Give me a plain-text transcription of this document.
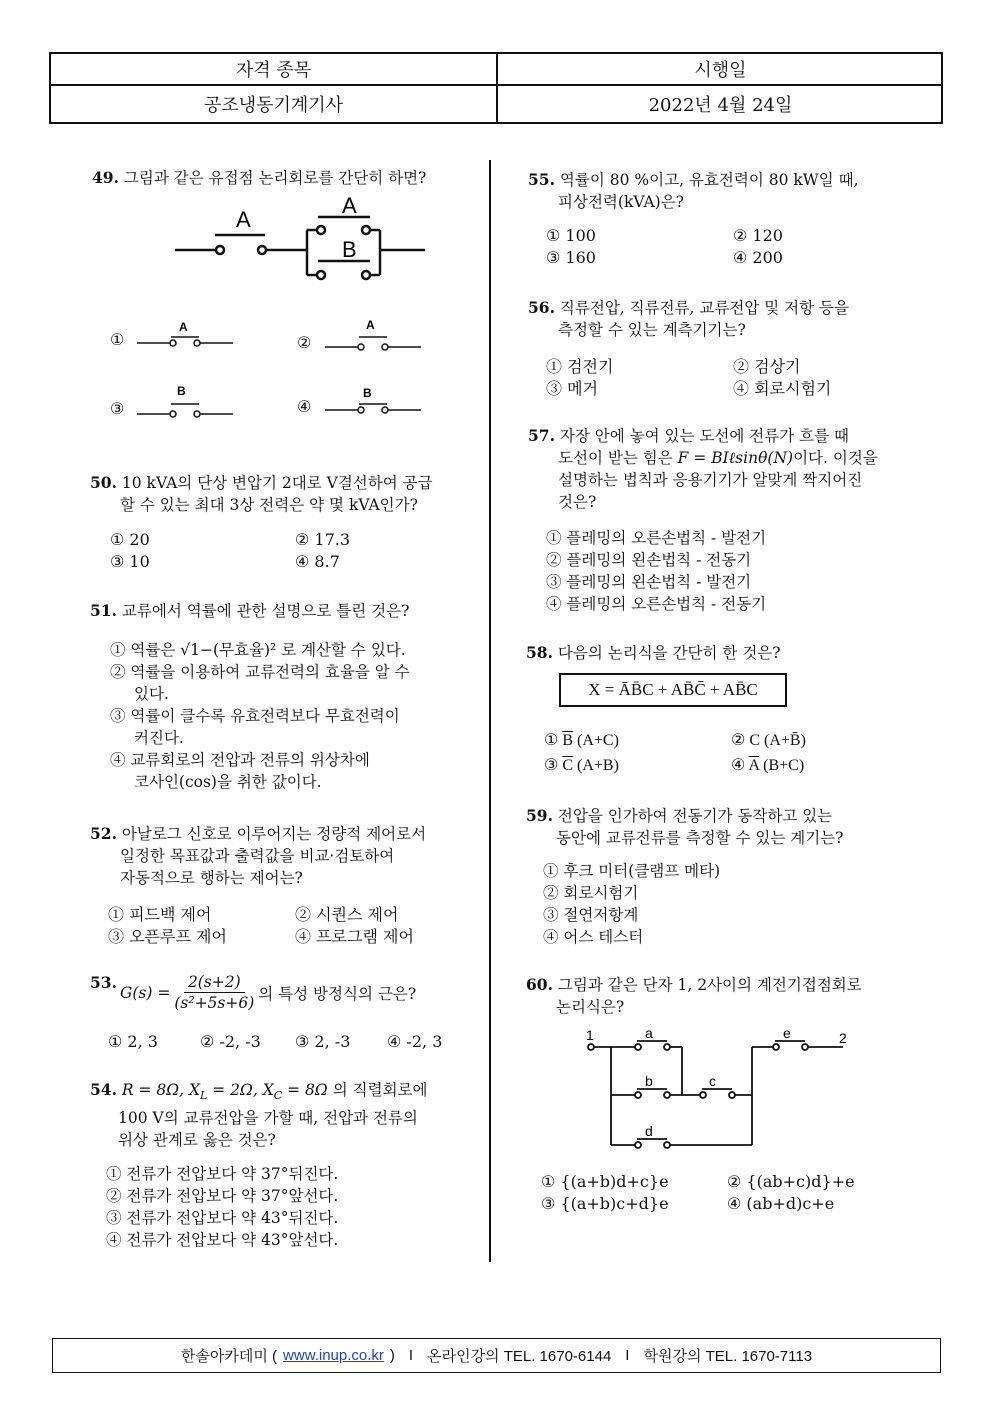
자격 종목	시행일
공조냉동기계기사	2022년 4월 24일
49. 그림과 같은 유접점 논리회로를 간단히 하면?
A
A
B
①
A
②
A
③
B
④
B
50. 10 kVA의 단상 변압기 2대로 V결선하여 공급
할 수 있는 최대 3상 전력은 약 몇 kVA인가?
① 20	② 17.3
③ 10	④ 8.7
51. 교류에서 역률에 관한 설명으로 틀린 것은?
① 역률은 √1−(무효율)² 로 계산할 수 있다.
② 역률을 이용하여 교류전력의 효율을 알 수
있다.
③ 역률이 클수록 유효전력보다 무효전력이
커진다.
④ 교류회로의 전압과 전류의 위상차에
코사인(cos)을 취한 값이다.
52. 아날로그 신호로 이루어지는 정량적 제어로서
일정한 목표값과 출력값을 비교·검토하여
자동적으로 행하는 제어는?
① 피드백 제어	② 시퀀스 제어
③ 오픈루프 제어	④ 프로그램 제어
53.
$G(s) = \frac{2(s+2)}{\text{(s²+5s+6)}}$ 의 특성 방정식의 근은?
① 2, 3	② -2, -3 ③ 2, -3 ④ -2, 3
54. R = 8Ω, $X_L = 2\Omega$, $X_C = 8\Omega$ 의 직렬회로에
100 V의 교류전압을 가할 때, 전압과 전류의
위상 관계로 옳은 것은?
① 전류가 전압보다 약 37°뒤진다.
② 전류가 전압보다 약 37°앞선다.
③ 전류가 전압보다 약 43°뒤진다.
④ 전류가 전압보다 약 43°앞선다.
55. 역률이 80 %이고, 유효전력이 80 kW일 때,
피상전력(kVA)은?
① 100	② 120
③ 160	④ 200
56. 직류전압, 직류전류, 교류전압 및 저항 등을
측정할 수 있는 계측기기는?
① 검전기	② 검상기
③ 메거	④ 회로시험기
57. 자장 안에 놓여 있는 도선에 전류가 흐를 때
도선이 받는 힘은 F = BIℓsinθ(N)이다. 이것을
설명하는 법칙과 응용기기가 알맞게 짝지어진
것은?
① 플레밍의 오른손법칙 - 발전기
② 플레밍의 왼손법칙 - 전동기
③ 플레밍의 왼손법칙 - 발전기
④ 플레밍의 오른손법칙 - 전동기
58. 다음의 논리식을 간단히 한 것은?
X = ĀB̄C + AB̄C̄ + AB̄C
① $\overline{B}$ (A+C)	② C (A+B̄)
③ $\overline{C}$ (A+B)	④ $\overline{A}$ (B+C)
59. 전압을 인가하여 전동기가 동작하고 있는
동안에 교류전류를 측정할 수 있는 계기는?
① 후크 미터(클램프 메타)
② 회로시험기
③ 절연저항계
④ 어스 테스터
60. 그림과 같은 단자 1, 2사이의 계전기접점회로
논리식은?
1	a	e	2
b	c
d
① {(a+b)d+c}e	② {(ab+c)d}+e
③ {(a+b)c+d}e	④ (ab+d)c+e
한솔아카데미 ( www.inup.co.kr ) I 온라인강의 TEL. 1670-6144 I 학원강의 TEL. 1670-7113
